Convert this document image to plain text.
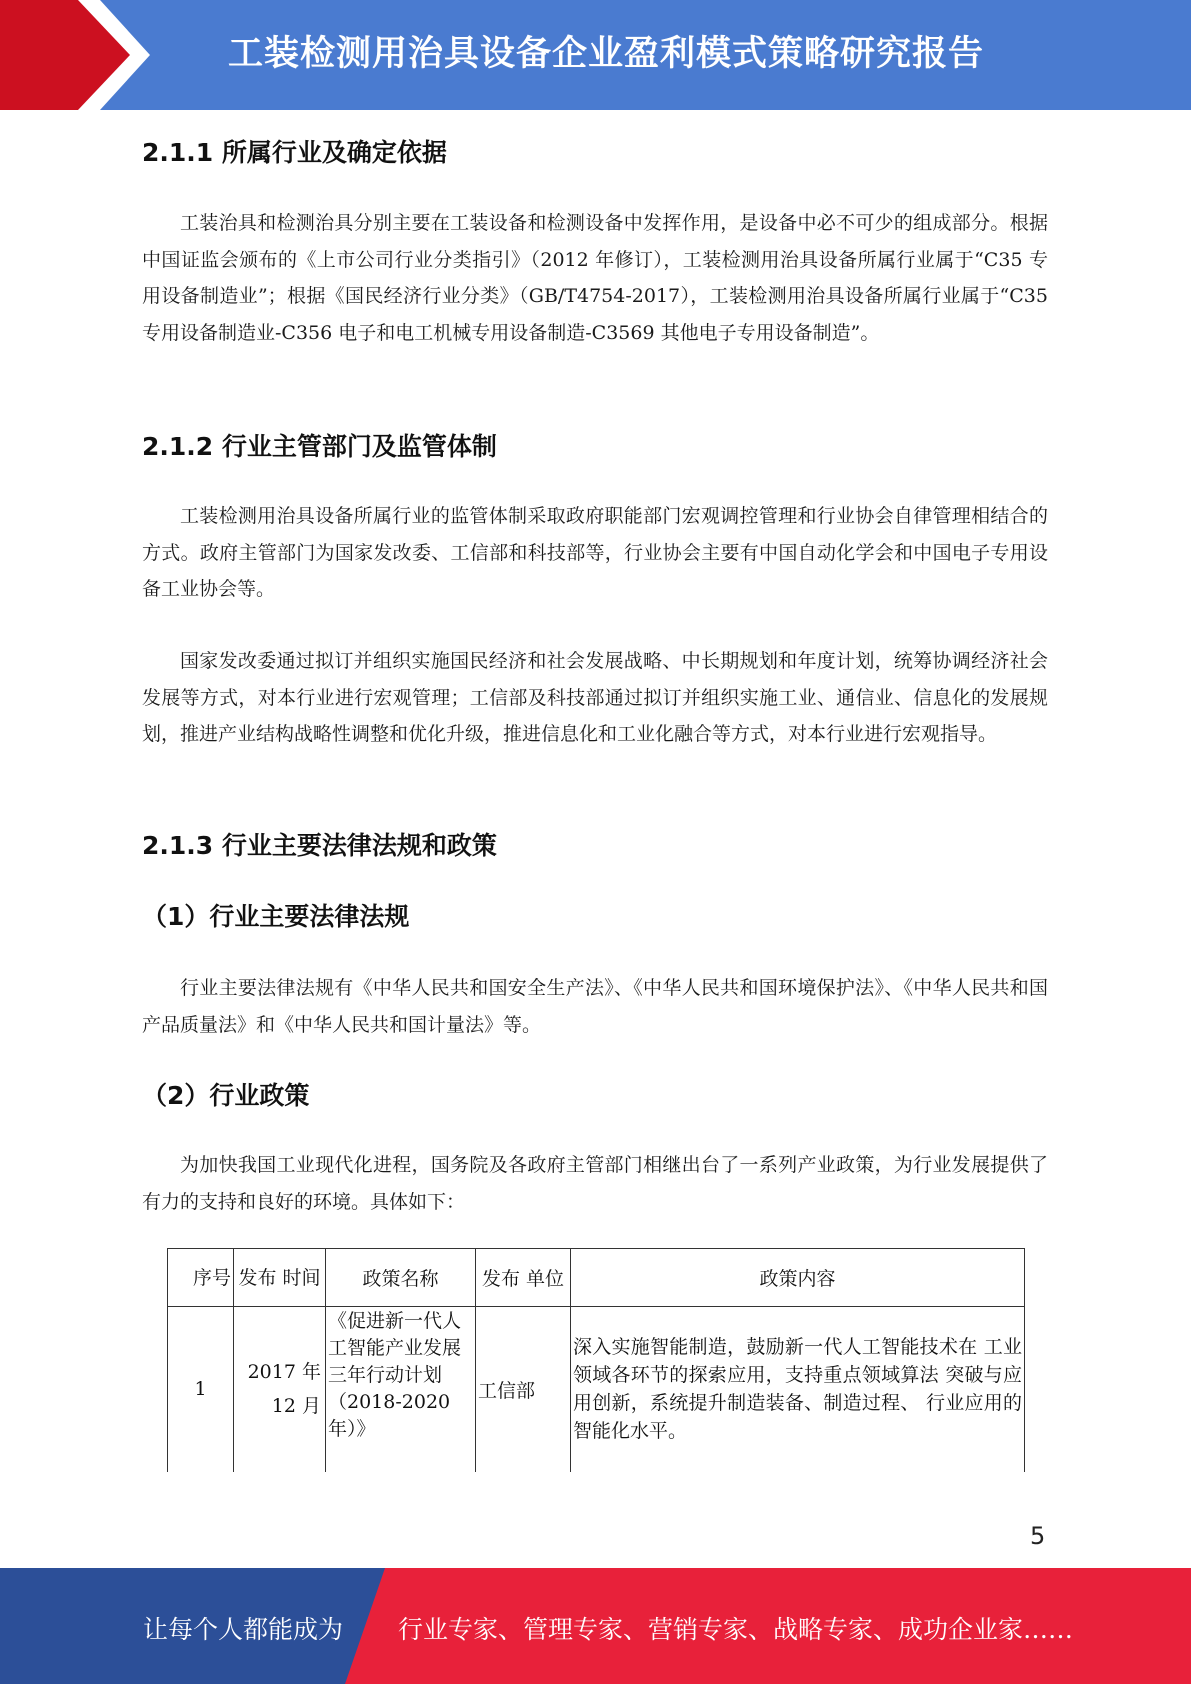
工装检测用治具设备企业盈利模式策略研究报告
2.1.1 所属行业及确定依据
工装治具和检测治具分别主要在工装设备和检测设备中发挥作用，是设备中必不可少的组成部分。根据中国证监会颁布的《上市公司行业分类指引》（2012 年修订），工装检测用治具设备所属行业属于“C35 专用设备制造业”；根据《国民经济行业分类》（GB/T4754-2017），工装检测用治具设备所属行业属于“C35 专用设备制造业-C356 电子和电工机械专用设备制造-C3569 其他电子专用设备制造”。
2.1.2 行业主管部门及监管体制
工装检测用治具设备所属行业的监管体制采取政府职能部门宏观调控管理和行业协会自律管理相结合的方式。政府主管部门为国家发改委、工信部和科技部等，行业协会主要有中国自动化学会和中国电子专用设备工业协会等。
国家发改委通过拟订并组织实施国民经济和社会发展战略、中长期规划和年度计划，统筹协调经济社会发展等方式，对本行业进行宏观管理；工信部及科技部通过拟订并组织实施工业、通信业、信息化的发展规划，推进产业结构战略性调整和优化升级，推进信息化和工业化融合等方式，对本行业进行宏观指导。
2.1.3 行业主要法律法规和政策
（1）行业主要法律法规
行业主要法律法规有《中华人民共和国安全生产法》、《中华人民共和国环境保护法》、《中华人民共和国产品质量法》和《中华人民共和国计量法》等。
（2）行业政策
为加快我国工业现代化进程，国务院及各政府主管部门相继出台了一系列产业政策，为行业发展提供了有力的支持和良好的环境。具体如下：
序号	发布 时间	政策名称	发布 单位	政策内容
1	2017 年 12 月	《促进新一代人工智能产业发展三年行动计划（2018-2020年）》	工信部	深入实施智能制造，鼓励新一代人工智能技术在 工业领域各环节的探索应用，支持重点领域算法 突破与应用创新，系统提升制造装备、制造过程、 行业应用的智能化水平。
5
让每个人都能成为 行业专家、管理专家、营销专家、战略专家、成功企业家……
